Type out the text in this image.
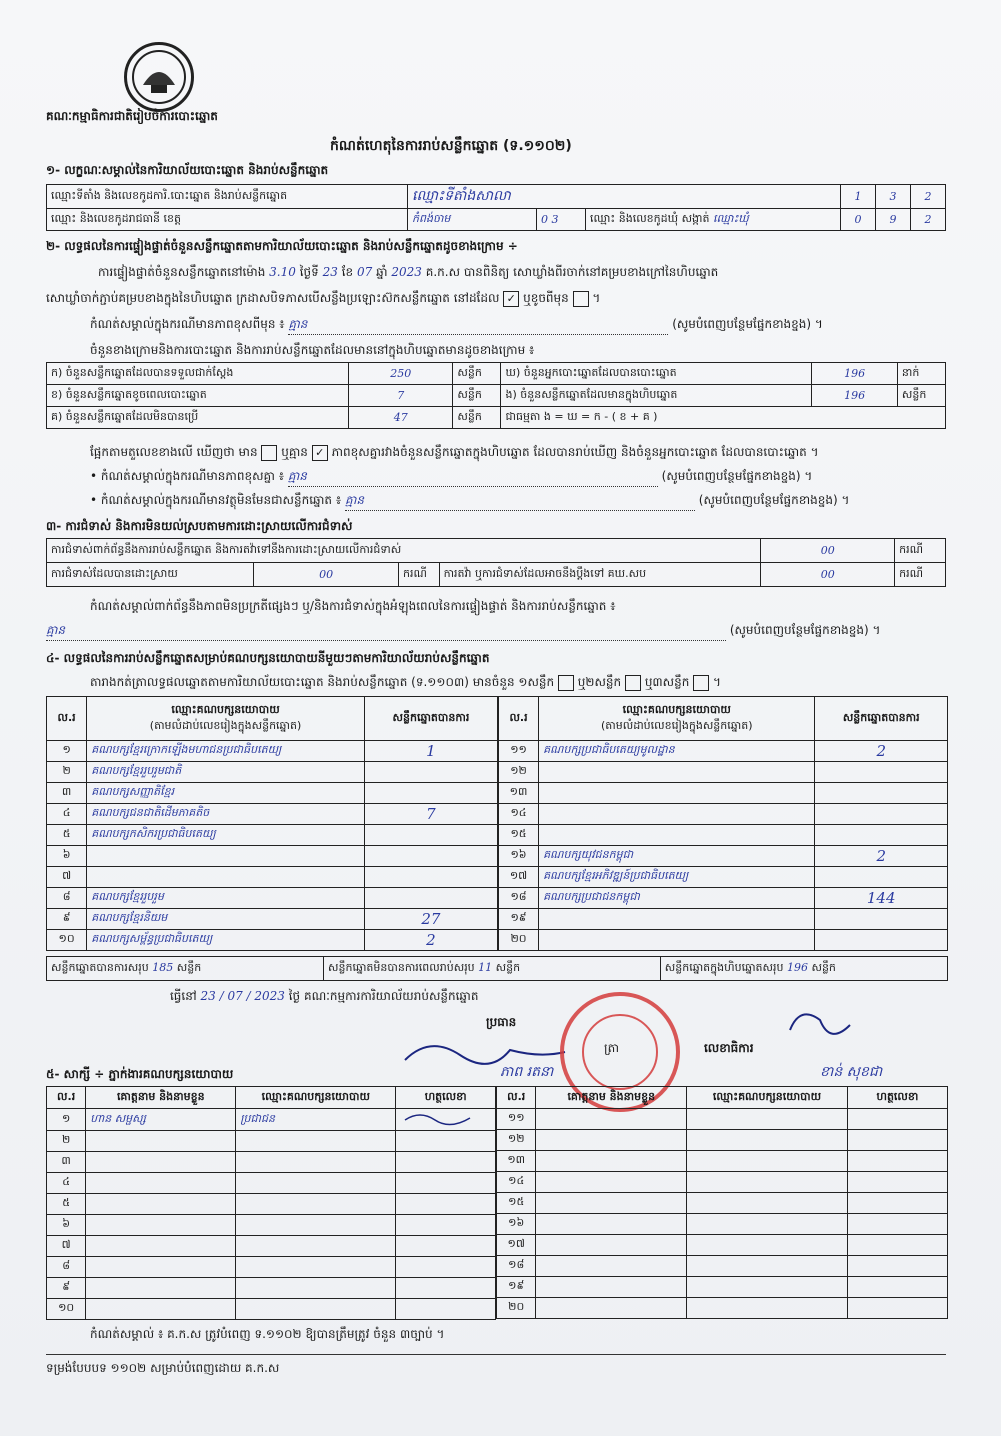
គណៈកម្មាធិការជាតិរៀបចំការបោះឆ្នោត
កំណត់ហេតុនៃការរាប់សន្លឹកឆ្នោត (ទ.១១០២)
១- លក្ខណៈសម្គាល់នៃការិយាល័យបោះឆ្នោត និងរាប់សន្លឹកឆ្នោត
ឈ្មោះទីតាំង និងលេខកូដការិ.បោះឆ្នោត និងរាប់សន្លឹកឆ្នោត	ឈ្មោះទីតាំងសាលា			1	3	2
ឈ្មោះ និងលេខកូដរាជធានី ខេត្ត	កំពង់ចាម	0 3	ឈ្មោះ និងលេខកូដឃុំ សង្កាត់ ឈ្មោះឃុំ	0	9	2
២- លទ្ធផលនៃការផ្ទៀងផ្ទាត់ចំនួនសន្លឹកឆ្នោតតាមការិយាល័យបោះឆ្នោត និងរាប់សន្លឹកឆ្នោតដូចខាងក្រោម ÷
ការផ្ទៀងផ្ទាត់ចំនួនសន្លឹកឆ្នោតនៅម៉ោង 3.10 ថ្ងៃទី 23 ខែ 07 ឆ្នាំ 2023 គ.ក.ស បានពិនិត្យ សោឃ្លាំងពីរចាក់នៅគម្របខាងក្រៅនៃហិបឆ្នោត
សោឃ្លាំចាក់ភ្ជាប់គម្របខាងក្នុងនៃហិបឆ្នោត ក្រដាសបិទភាសបើសន្លឹងប្រឡោះស៊កសន្លឹកឆ្នោត នៅដដែល ✓ ឬខូចពីមុន  ។
កំណត់សម្គាល់ក្នុងករណីមានភាពខុសពីមុន ៖ គ្មាន	(សូមបំពេញបន្ថែមផ្នែកខាងខ្នង) ។
ចំនួនខាងក្រោមនិងការបោះឆ្នោត និងការរាប់សន្លឹកឆ្នោតដែលមាននៅក្នុងហិបឆ្នោតមានដូចខាងក្រោម ៖
ក) ចំនួនសន្លឹកឆ្នោតដែលបានទទួលជាក់ស្តែង	250	សន្លឹក	ឃ) ចំនួនអ្នកបោះឆ្នោតដែលបានបោះឆ្នោត	196	នាក់
ខ) ចំនួនសន្លឹកឆ្នោតខូចពេលបោះឆ្នោត	7	សន្លឹក	ង) ចំនួនសន្លឹកឆ្នោតដែលមានក្នុងហិបឆ្នោត	196	សន្លឹក
គ) ចំនួនសន្លឹកឆ្នោតដែលមិនបានប្រើ	47	សន្លឹក	ជាធម្មតា ង = ឃ = ក - ( ខ + គ )		
ផ្អែកតាមតួលេខខាងលើ ឃើញថា មាន ឬគ្មាន ✓ ភាពខុសគ្នារវាងចំនួនសន្លឹកឆ្នោតក្នុងហិបឆ្នោត ដែលបានរាប់ឃើញ និងចំនួនអ្នកបោះឆ្នោត ដែលបានបោះឆ្នោត ។
• កំណត់សម្គាល់ក្នុងករណីមានភាពខុសគ្នា ៖ គ្មាន	(សូមបំពេញបន្ថែមផ្នែកខាងខ្នង) ។
• កំណត់សម្គាល់ក្នុងករណីមានវត្ថុមិនមែនជាសន្លឹកឆ្នោត ៖ គ្មាន	(សូមបំពេញបន្ថែមផ្នែកខាងខ្នង) ។
៣- ការជំទាស់ និងការមិនយល់ស្របតាមការដោះស្រាយលើការជំទាស់
ការជំទាស់ពាក់ព័ន្ធនឹងការរាប់សន្លឹកឆ្នោត និងការតវ៉ាទៅនឹងការដោះស្រាយលើការជំទាស់				00	ករណី
ការជំទាស់ដែលបានដោះស្រាយ	00	ករណី	ការតវ៉ា ឬការជំទាស់ដែលអាចនឹងប្តឹងទៅ គឃ.សប	00	ករណី
កំណត់សម្គាល់ពាក់ព័ន្ធនឹងភាពមិនប្រក្រតីផ្សេងៗ ឬ/និងការជំទាស់ក្នុងអំឡុងពេលនៃការផ្ទៀងផ្ទាត់ និងការរាប់សន្លឹកឆ្នោត ៖
គ្មាន	(សូមបំពេញបន្ថែមផ្នែកខាងខ្នង) ។
៤- លទ្ធផលនៃការរាប់សន្លឹកឆ្នោតសម្រាប់គណបក្សនយោបាយនីមួយៗតាមការិយាល័យរាប់សន្លឹកឆ្នោត
តារាងកត់ត្រាលទ្ធផលឆ្នោតតាមការិយាល័យបោះឆ្នោត និងរាប់សន្លឹកឆ្នោត (ទ.១១០៣) មានចំនួន ១សន្លឹក ឬ២សន្លឹក ឬ៣សន្លឹក  ។
ល.រ	ឈ្មោះគណបក្សនយោបាយ
(តាមលំដាប់លេខរៀងក្នុងសន្លឹកឆ្នោត)	សន្លឹកឆ្នោតបានការ
១	គណបក្សខ្មែរក្រោកឡើងមហាជនប្រជាធិបតេយ្យ	1
២	គណបក្សខ្មែររួបរួមជាតិ	
៣	គណបក្សសញ្ញាតិខ្មែរ	
៤	គណបក្សជនជាតិដើមភាគតិច	7
៥	គណបក្សកសិករប្រជាធិបតេយ្យ	
៦		
៧		
៨	គណបក្សខ្មែររួបរួម	
៩	គណបក្សខ្មែរនិយម	27
១០	គណបក្សសម្ព័ន្ធប្រជាធិបតេយ្យ	2
ល.រ	ឈ្មោះគណបក្សនយោបាយ
(តាមលំដាប់លេខរៀងក្នុងសន្លឹកឆ្នោត)	សន្លឹកឆ្នោតបានការ
១១	គណបក្សប្រជាធិបតេយ្យមូលដ្ឋាន	2
១២		
១៣		
១៤		
១៥		
១៦	គណបក្សយុវជនកម្ពុជា	2
១៧	គណបក្សខ្មែរអភិវឌ្ឍន៍ប្រជាធិបតេយ្យ	
១៨	គណបក្សប្រជាជនកម្ពុជា	144
១៩		
២០		
សន្លឹកឆ្នោតបានការសរុប 185 សន្លឹក	សន្លឹកឆ្នោតមិនបានការពេលរាប់សរុប 11 សន្លឹក	សន្លឹកឆ្នោតក្នុងហិបឆ្នោតសរុប 196 សន្លឹក
ធ្វើនៅ 23 / 07 / 2023 ថ្ងៃ គណៈកម្មការការិយាល័យរាប់សន្លឹកឆ្នោត
ប្រធាន
ត្រា	លេខាធិការ
ភាព រតនា	ខាន់ សុខជា
៥- សាក្សី ÷ ភ្នាក់ងារគណបក្សនយោបាយ
ល.រ	គោត្តនាម និងនាមខ្លួន	ឈ្មោះគណបក្សនយោបាយ	ហត្ថលេខា
១	ហាន សម្ផស្ស	ប្រជាជន	
២			
៣			
៤			
៥			
៦			
៧			
៨			
៩			
១០			
ល.រ	គោត្តនាម និងនាមខ្លួន	ឈ្មោះគណបក្សនយោបាយ	ហត្ថលេខា
១១			
១២			
១៣			
១៤			
១៥			
១៦			
១៧			
១៨			
១៩			
២០			
កំណត់សម្គាល់ ៖ គ.ក.ស ត្រូវបំពេញ ទ.១១០២ ឱ្យបានត្រឹមត្រូវ ចំនួន ៣ច្បាប់ ។
ទម្រង់បែបបទ ១១០២ សម្រាប់បំពេញដោយ គ.ក.ស
